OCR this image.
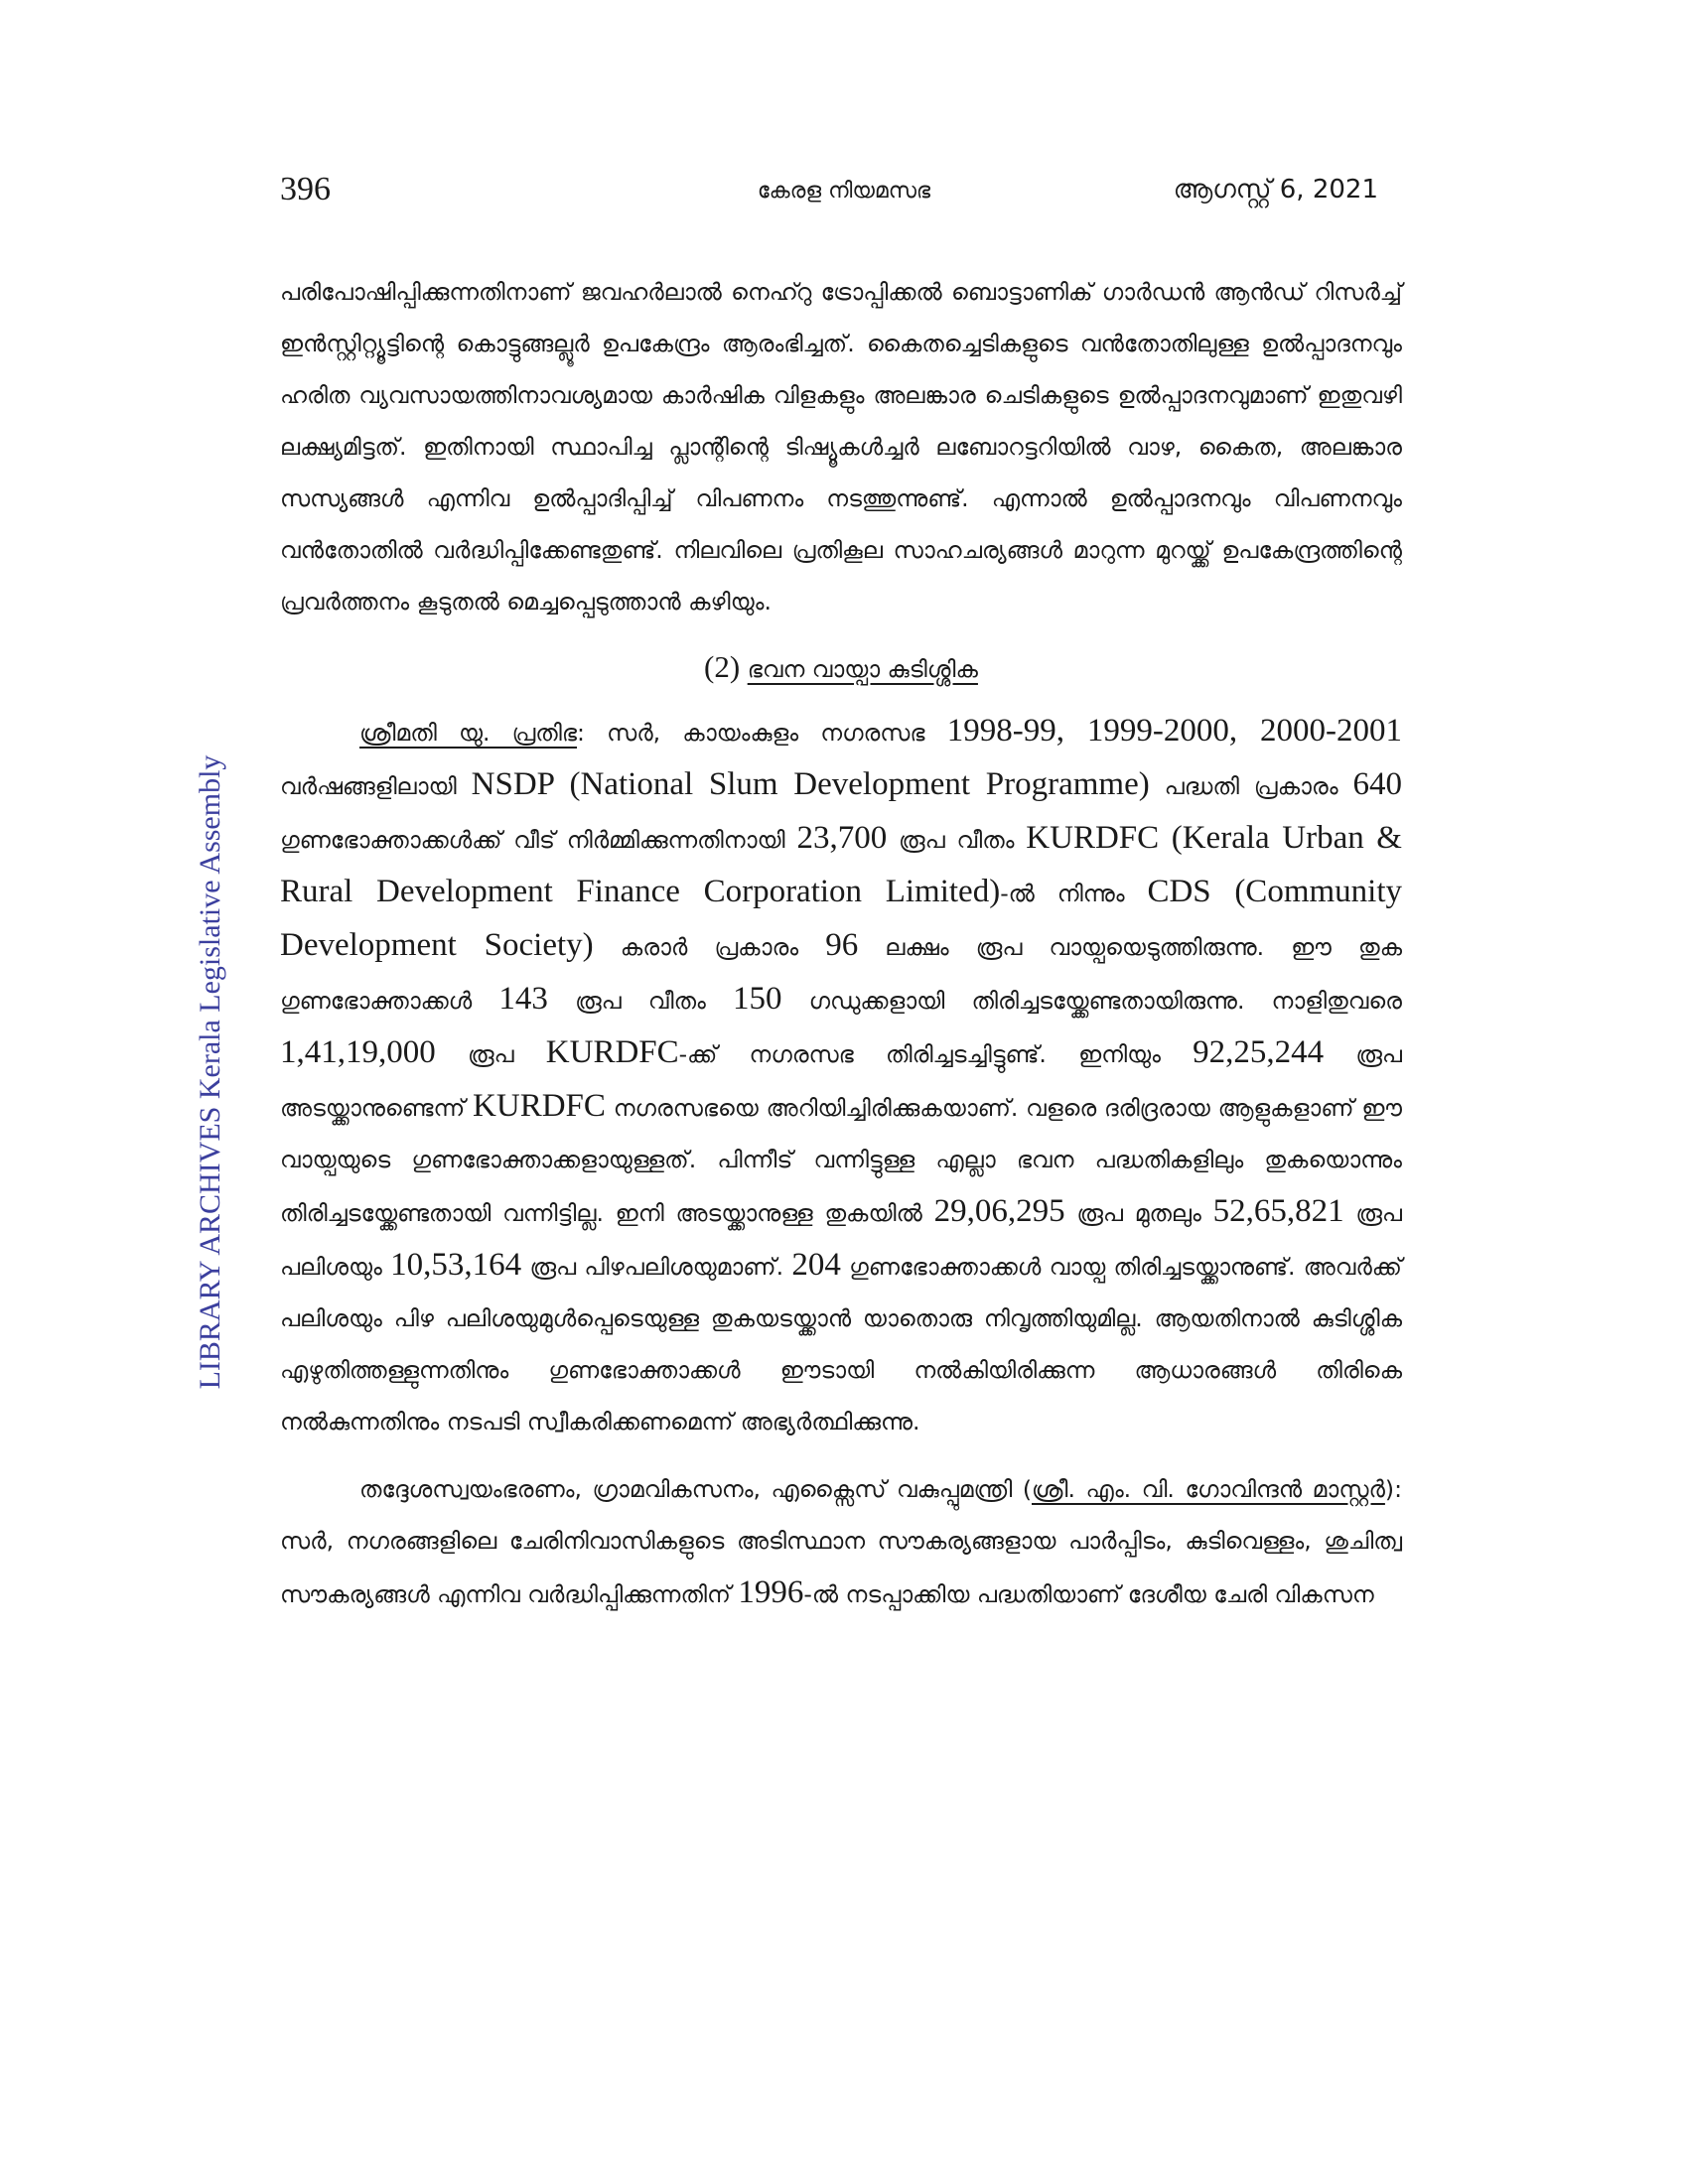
396	കേരള നിയമസഭ	ആഗസ്റ്റ് 6, 2021
LIBRARY ARCHIVES Kerala Legislative Assembly

പരിപോഷിപ്പിക്കുന്നതിനാണ് ജവഹർലാൽ നെഹ്റു ട്രോപ്പിക്കൽ ബൊട്ടാണിക് ഗാർഡൻ ആൻഡ് റിസർച്ച് ഇൻസ്റ്റിറ്റ്യൂട്ടിന്റെ കൊട്ടുങ്ങല്ലൂർ ഉപകേന്ദ്രം ആരംഭിച്ചത്. കൈതച്ചെടികളുടെ വൻതോതിലുള്ള ഉൽപ്പാദനവും ഹരിത വ്യവസായത്തിനാവശ്യമായ കാർഷിക വിളകളും അലങ്കാര ചെടികളുടെ ഉൽപ്പാദനവുമാണ് ഇതുവഴി ലക്ഷ്യമിട്ടത്. ഇതിനായി സ്ഥാപിച്ച പ്ലാന്റിന്റെ ടിഷ്യൂകൾച്ചർ ലബോറട്ടറിയിൽ വാഴ, കൈത, അലങ്കാര സസ്യങ്ങൾ എന്നിവ ഉൽപ്പാദിപ്പിച്ച് വിപണനം നടത്തുന്നുണ്ട്. എന്നാൽ ഉൽപ്പാദനവും വിപണനവും വൻതോതിൽ വർദ്ധിപ്പിക്കേണ്ടതുണ്ട്. നിലവിലെ പ്രതികൂല സാഹചര്യങ്ങൾ മാറുന്ന മുറയ്ക്ക് ഉപകേന്ദ്രത്തിന്റെ പ്രവർത്തനം കൂടുതൽ മെച്ചപ്പെടുത്താൻ കഴിയും.

(2) ഭവന വായ്പാ കുടിശ്ശിക

ശ്രീമതി യു. പ്രതിഭ: സർ, കായംകുളം നഗരസഭ 1998-99, 1999-2000, 2000-2001 വർഷങ്ങളിലായി NSDP (National Slum Development Programme) പദ്ധതി പ്രകാരം 640 ഗുണഭോക്താക്കൾക്ക് വീട് നിർമ്മിക്കുന്നതിനായി 23,700 രൂപ വീതം KURDFC (Kerala Urban & Rural Development Finance Corporation Limited)-ൽ നിന്നും CDS (Community Development Society) കരാർ പ്രകാരം 96 ലക്ഷം രൂപ വായ്പയെടുത്തിരുന്നു. ഈ തുക ഗുണഭോക്താക്കൾ 143 രൂപ വീതം 150 ഗഡുക്കളായി തിരിച്ചടയ്ക്കേണ്ടതായിരുന്നു. നാളിതുവരെ 1,41,19,000 രൂപ KURDFC-ക്ക് നഗരസഭ തിരിച്ചടച്ചിട്ടുണ്ട്. ഇനിയും 92,25,244 രൂപ അടയ്ക്കാനുണ്ടെന്ന് KURDFC നഗരസഭയെ അറിയിച്ചിരിക്കുകയാണ്. വളരെ ദരിദ്രരായ ആളുകളാണ് ഈ വായ്പയുടെ ഗുണഭോക്താക്കളായുള്ളത്. പിന്നീട് വന്നിട്ടുള്ള എല്ലാ ഭവന പദ്ധതികളിലും തുകയൊന്നും തിരിച്ചടയ്ക്കേണ്ടതായി വന്നിട്ടില്ല. ഇനി അടയ്ക്കാനുള്ള തുകയിൽ 29,06,295 രൂപ മുതലും 52,65,821 രൂപ പലിശയും 10,53,164 രൂപ പിഴപലിശയുമാണ്. 204 ഗുണഭോക്താക്കൾ വായ്പ തിരിച്ചടയ്ക്കാനുണ്ട്. അവർക്ക് പലിശയും പിഴ പലിശയുമുൾപ്പെടെയുള്ള തുകയടയ്ക്കാൻ യാതൊരു നിവൃത്തിയുമില്ല. ആയതിനാൽ കുടിശ്ശിക എഴുതിത്തള്ളുന്നതിനും ഗുണഭോക്താക്കൾ ഈടായി നൽകിയിരിക്കുന്ന ആധാരങ്ങൾ തിരികെ നൽകുന്നതിനും നടപടി സ്വീകരിക്കണമെന്ന് അഭ്യർത്ഥിക്കുന്നു.

തദ്ദേശസ്വയംഭരണം, ഗ്രാമവികസനം, എക്സൈസ് വകുപ്പുമന്ത്രി (ശ്രീ. എം. വി. ഗോവിന്ദൻ മാസ്റ്റർ): സർ, നഗരങ്ങളിലെ ചേരിനിവാസികളുടെ അടിസ്ഥാന സൗകര്യങ്ങളായ പാർപ്പിടം, കുടിവെള്ളം, ശുചിത്വ സൗകര്യങ്ങൾ എന്നിവ വർദ്ധിപ്പിക്കുന്നതിന് 1996-ൽ നടപ്പാക്കിയ പദ്ധതിയാണ് ദേശീയ ചേരി വികസന
